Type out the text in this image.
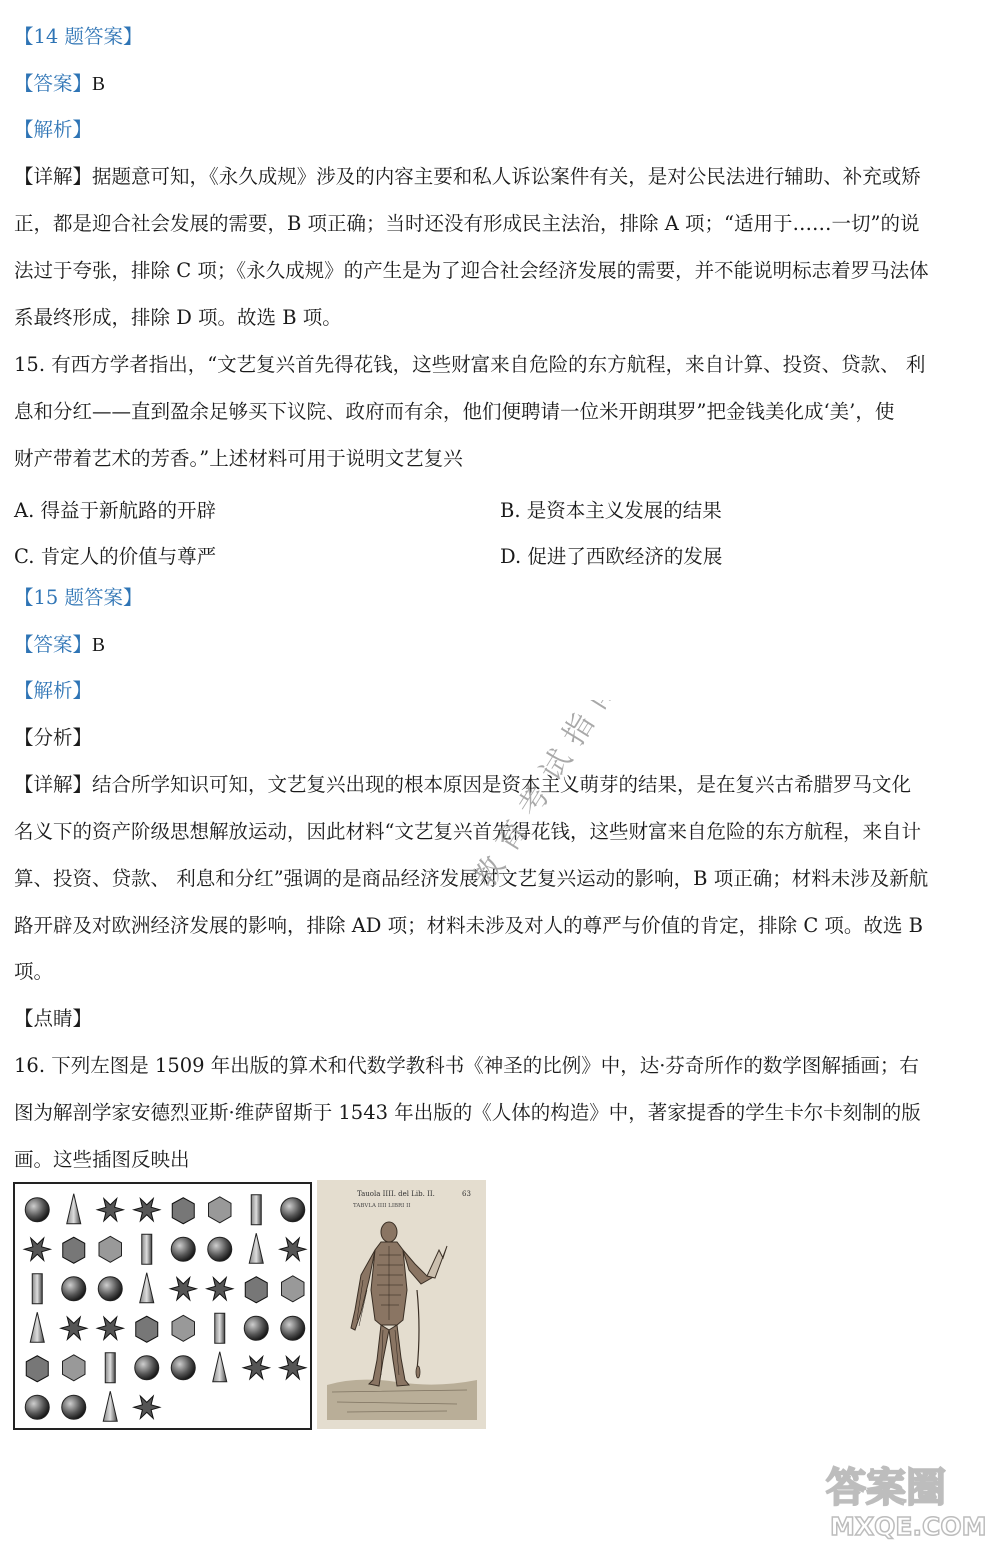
【14 题答案】
【答案】B
【解析】
【详解】据题意可知，《永久成规》涉及的内容主要和私人诉讼案件有关，是对公民法进行辅助、补充或矫
正，都是迎合社会发展的需要，B 项正确；当时还没有形成民主法治，排除 A 项；“适用于……一切”的说
法过于夸张，排除 C 项；《永久成规》的产生是为了迎合社会经济发展的需要，并不能说明标志着罗马法体
系最终形成，排除 D 项。故选 B 项。
15. 有西方学者指出，“文艺复兴首先得花钱，这些财富来自危险的东方航程，来自计算、投资、贷款、 利
息和分红——直到盈余足够买下议院、政府而有余，他们便聘请一位米开朗琪罗”把金钱美化成‘美’，使
财产带着艺术的芳香。”上述材料可用于说明文艺复兴
A. 得益于新航路的开辟	B. 是资本主义发展的结果
C. 肯定人的价值与尊严	D. 促进了西欧经济的发展
【15 题答案】
【答案】B
【解析】
【分析】
【详解】结合所学知识可知，文艺复兴出现的根本原因是资本主义萌芽的结果，是在复兴古希腊罗马文化
名义下的资产阶级思想解放运动，因此材料“文艺复兴首先得花钱，这些财富来自危险的东方航程，来自计
算、投资、贷款、 利息和分红”强调的是商品经济发展对文艺复兴运动的影响，B 项正确；材料未涉及新航
路开辟及对欧洲经济发展的影响，排除 AD 项；材料未涉及对人的尊严与价值的肯定，排除 C 项。故选 B
项。
【点睛】
16. 下列左图是 1509 年出版的算术和代数学教科书《神圣的比例》中，达·芬奇所作的数学图解插画；右
图为解剖学家安德烈亚斯·维萨留斯于 1543 年出版的《人体的构造》中，著家提香的学生卡尔卡刻制的版
画。这些插图反映出
Tauola IIII. del Lib. II.	63
TABVLA IIII LIBRI II
教育考试指南
答案圈
MXQE.COM
